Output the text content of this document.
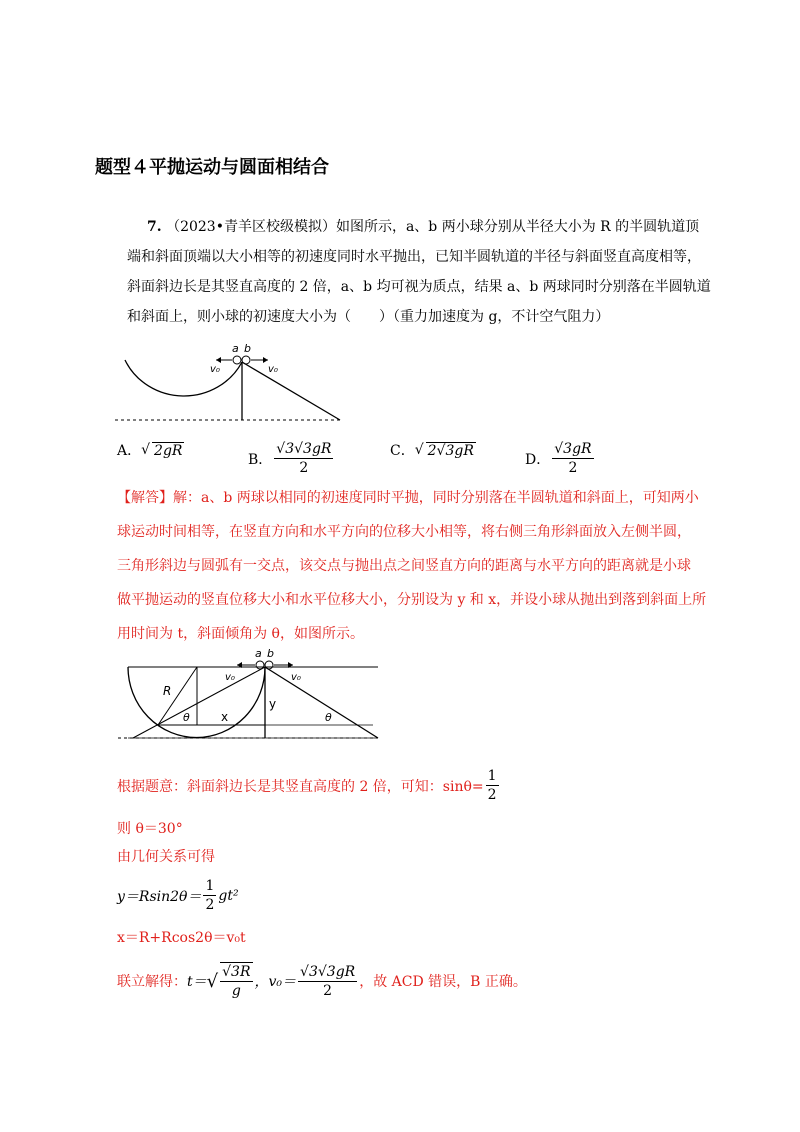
题型４平抛运动与圆面相结合
7. （2023•青羊区校级模拟）如图所示，a、b 两小球分别从半径大小为 R 的半圆轨道顶
端和斜面顶端以大小相等的初速度同时水平抛出，已知半圆轨道的半径与斜面竖直高度相等，
斜面斜边长是其竖直高度的 2 倍，a、b 均可视为质点，结果 a、b 两球同时分别落在半圆轨道
和斜面上，则小球的初速度大小为（　　）（重力加速度为 g，不计空气阻力）
a b
v₀	v₀
A． √ 2gR
B． $\frac{√3√3gR}{2}$	C． √ 2√3gR
D． $\frac{√3gR}{2}$
【解答】解：a、b 两球以相同的初速度同时平抛，同时分别落在半圆轨道和斜面上，可知两小
球运动时间相等，在竖直方向和水平方向的位移大小相等，将右侧三角形斜面放入左侧半圆，
三角形斜边与圆弧有一交点，该交点与抛出点之间竖直方向的距离与水平方向的距离就是小球
做平抛运动的竖直位移大小和水平位移大小，分别设为 y 和 x，并设小球从抛出到落到斜面上所
用时间为 t，斜面倾角为 θ，如图所示。
a b
v₀	v₀
R
θ	x
y
θ
根据题意：斜面斜边长是其竖直高度的 2 倍，可知：$\sin\theta= \frac{1}{2}$
则 θ＝30°
由几何关系可得
$y=Rsin2\theta= \frac{1}{2} gt^2$
x＝R+Rcos2θ＝v₀t
联立解得： t＝ √ $\frac{√3R}{g}$ ，$v_0= \frac{√3√3gR}{2}$ ，故 ACD 错误，B 正确。
